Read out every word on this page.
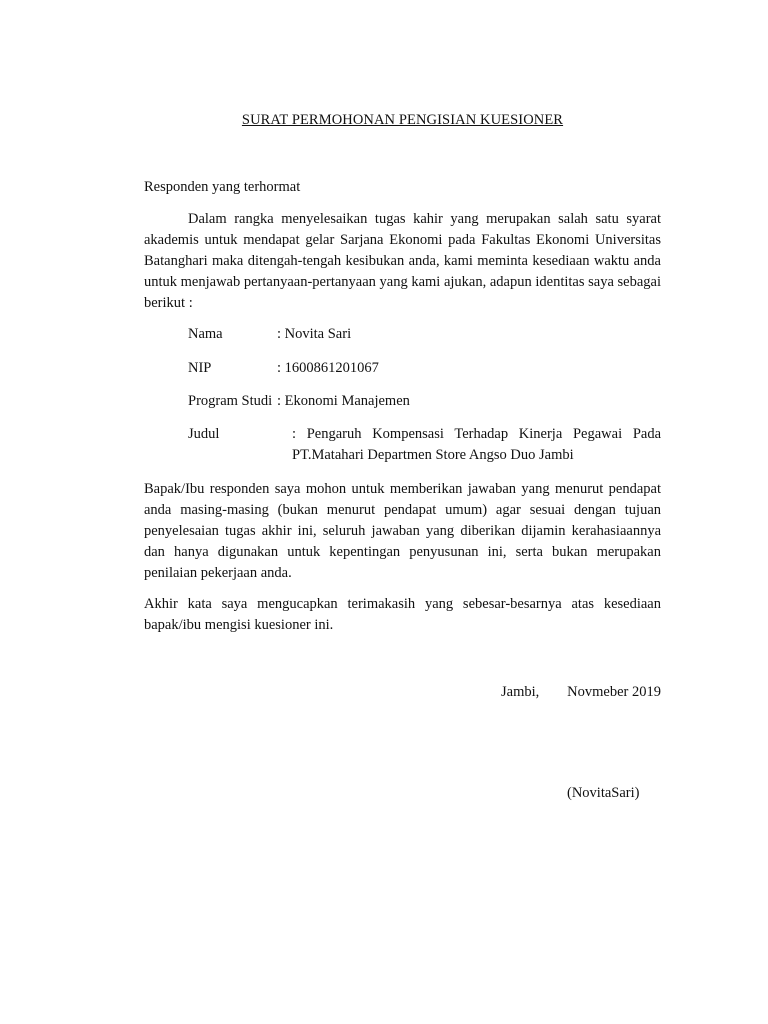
SURAT PERMOHONAN PENGISIAN KUESIONER
Responden yang terhormat

Dalam rangka menyelesaikan tugas kahir yang merupakan salah satu syarat akademis untuk mendapat gelar Sarjana Ekonomi pada Fakultas Ekonomi Universitas Batanghari maka ditengah-tengah kesibukan anda, kami meminta kesediaan waktu anda untuk menjawab pertanyaan-pertanyaan yang kami ajukan, adapun identitas saya sebagai berikut :

Nama	: Novita Sari
NIP	: 1600861201067
Program Studi : Ekonomi Manajemen
Judul	: Pengaruh Kompensasi Terhadap Kinerja Pegawai Pada
PT.Matahari Departmen Store Angso Duo Jambi

Bapak/Ibu responden saya mohon untuk memberikan jawaban yang menurut pendapat anda masing-masing (bukan menurut pendapat umum) agar sesuai dengan tujuan penyelesaian tugas akhir ini, seluruh jawaban yang diberikan dijamin kerahasiaannya dan hanya digunakan untuk kepentingan penyusunan ini, serta bukan merupakan penilaian pekerjaan anda.

Akhir kata saya mengucapkan terimakasih yang sebesar-besarnya atas kesediaan bapak/ibu mengisi kuesioner ini.

Jambi, Novmeber 2019
(NovitaSari)
